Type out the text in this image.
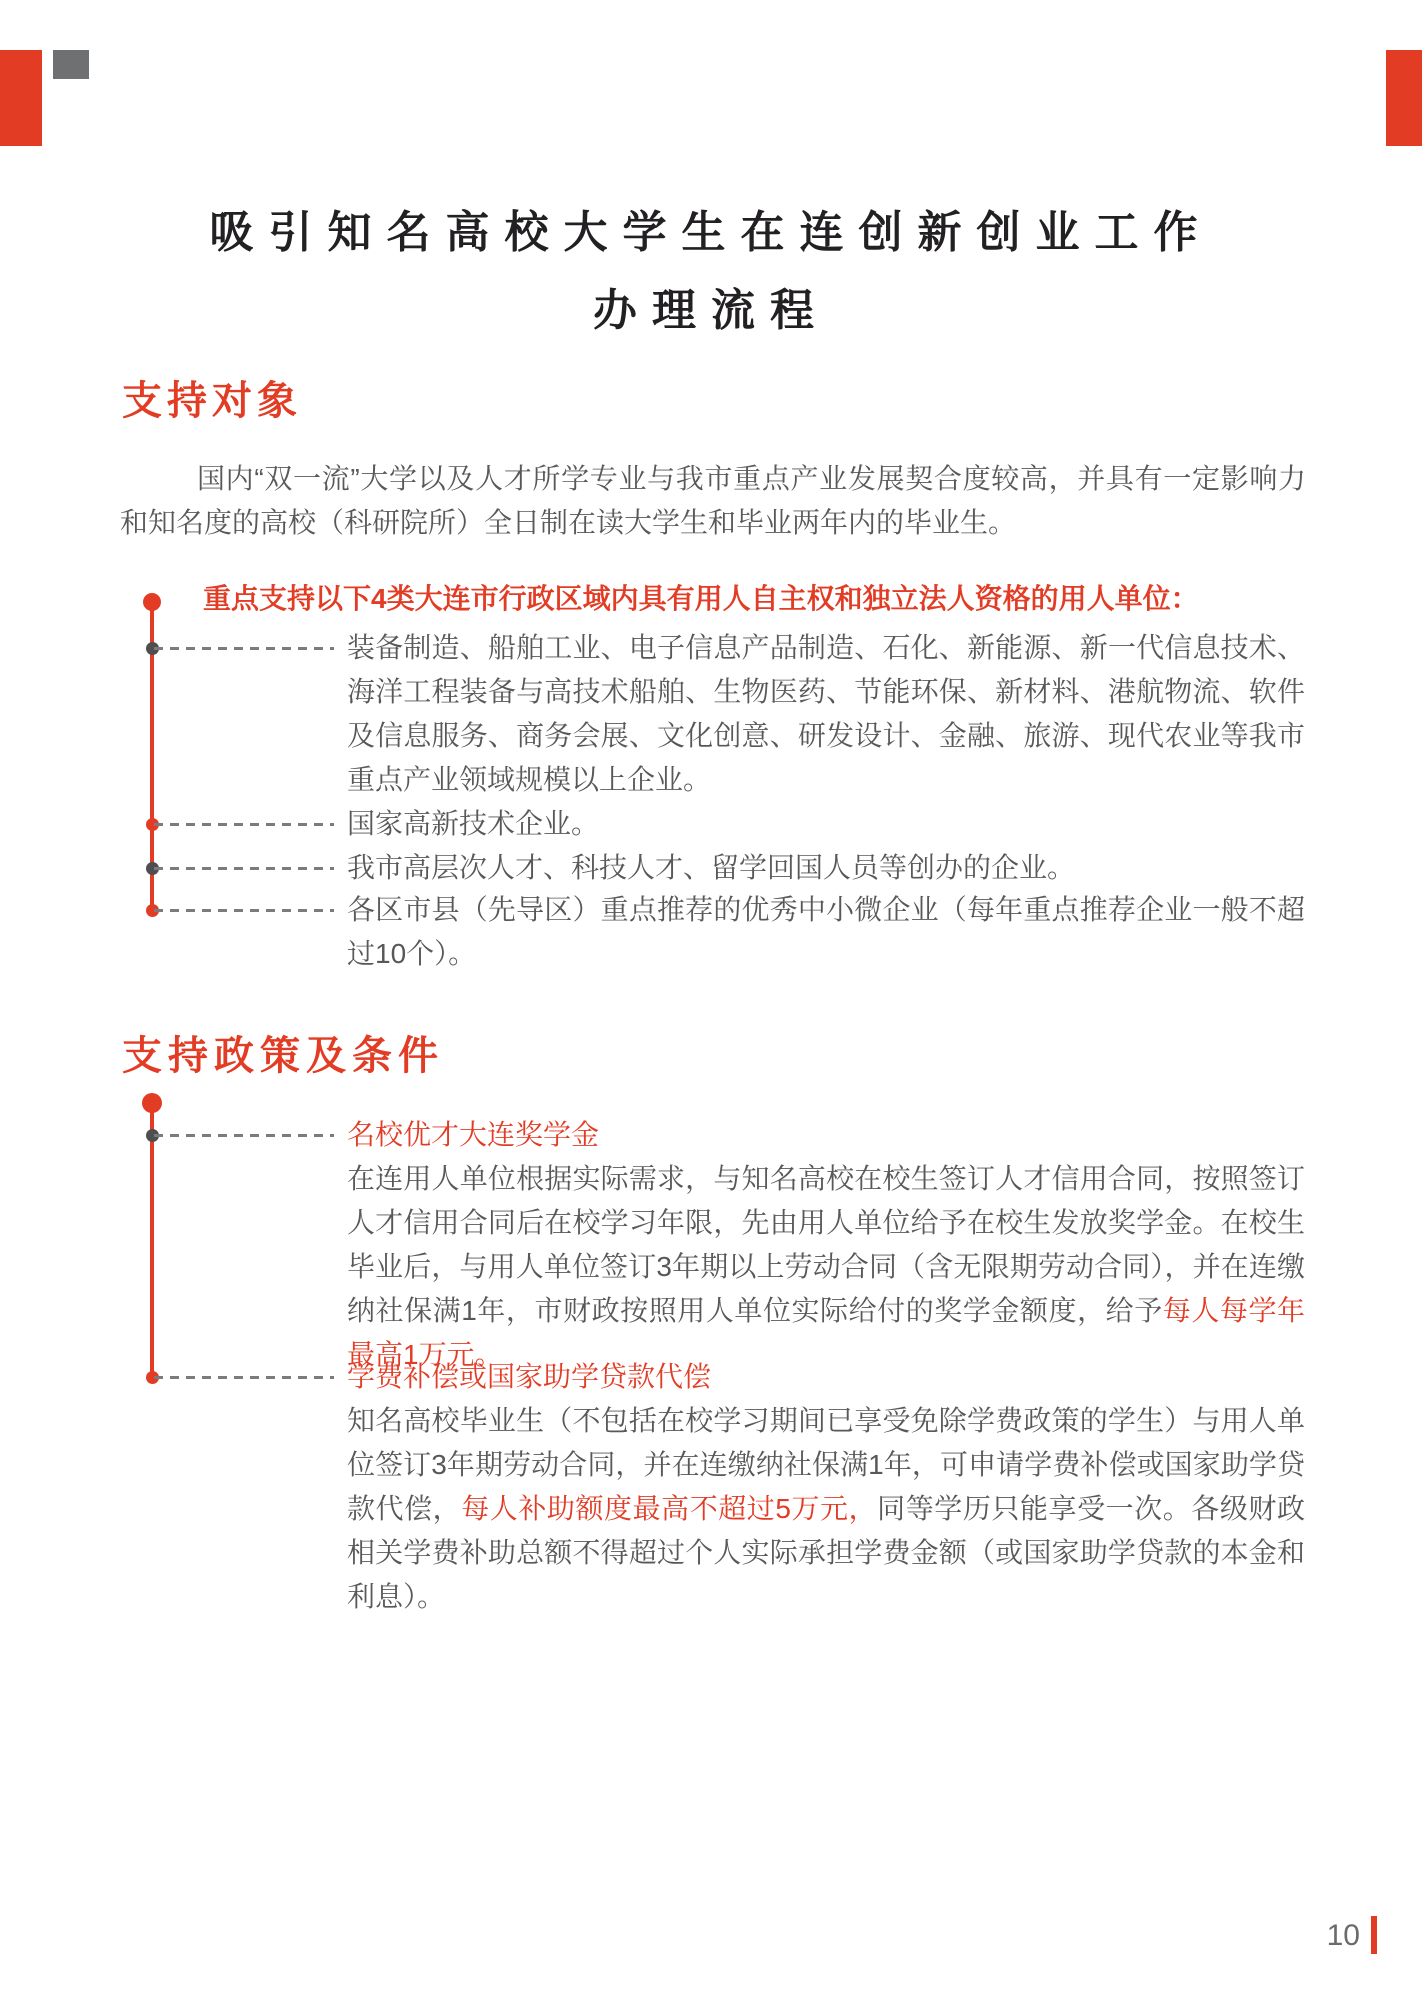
吸引知名高校大学生在连创新创业工作
办理流程
支持对象

国内“双一流”大学以及人才所学专业与我市重点产业发展契合度较高，并具有一定影响力和知名度的高校（科研院所）全日制在读大学生和毕业两年内的毕业生。

重点支持以下4类大连市行政区域内具有用人自主权和独立法人资格的用人单位：

装备制造、船舶工业、电子信息产品制造、石化、新能源、新一代信息技术、海洋工程装备与高技术船舶、生物医药、节能环保、新材料、港航物流、软件及信息服务、商务会展、文化创意、研发设计、金融、旅游、现代农业等我市重点产业领域规模以上企业。
国家高新技术企业。
我市高层次人才、科技人才、留学回国人员等创办的企业。
各区市县（先导区）重点推荐的优秀中小微企业（每年重点推荐企业一般不超过10个）。
支持政策及条件
名校优才大连奖学金

在连用人单位根据实际需求，与知名高校在校生签订人才信用合同，按照签订人才信用合同后在校学习年限，先由用人单位给予在校生发放奖学金。在校生毕业后，与用人单位签订3年期以上劳动合同（含无限期劳动合同），并在连缴纳社保满1年，市财政按照用人单位实际给付的奖学金额度，给予每人每学年最高1万元。

学费补偿或国家助学贷款代偿

知名高校毕业生（不包括在校学习期间已享受免除学费政策的学生）与用人单位签订3年期劳动合同，并在连缴纳社保满1年，可申请学费补偿或国家助学贷款代偿，每人补助额度最高不超过5万元，同等学历只能享受一次。各级财政相关学费补助总额不得超过个人实际承担学费金额（或国家助学贷款的本金和利息）。

10
